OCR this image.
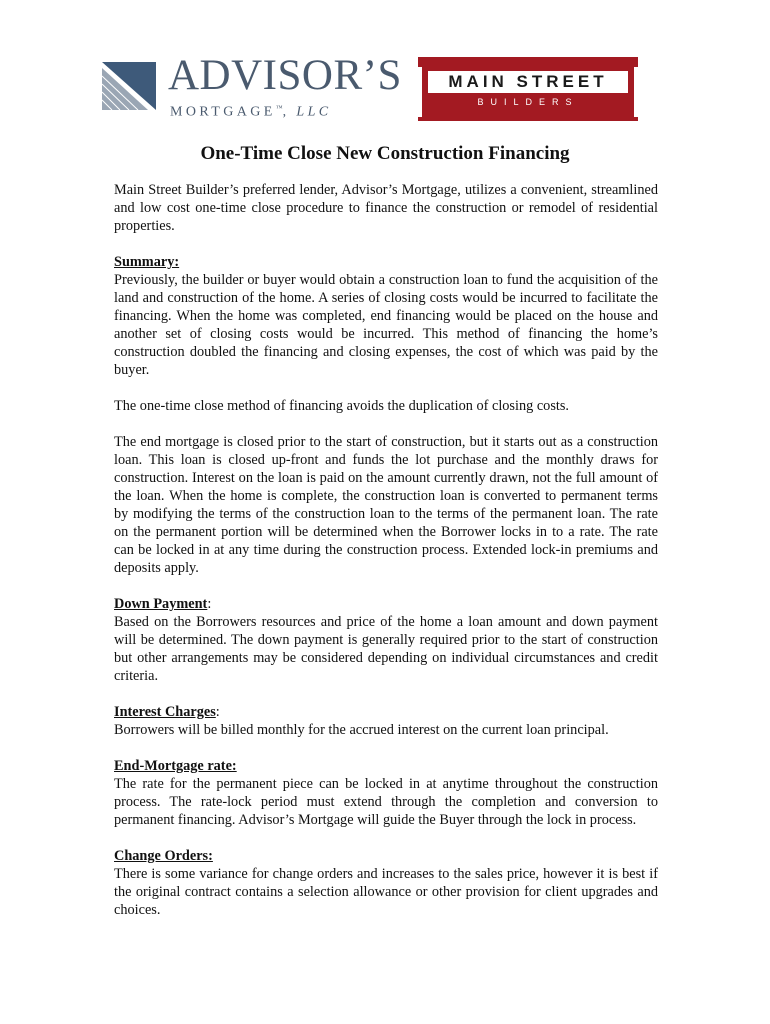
ADVISOR’S
MORTGAGE™, LLC
MAIN STREET
BUILDERS
One-Time Close New Construction Financing

Main Street Builder’s preferred lender, Advisor’s Mortgage, utilizes a convenient, streamlined and low cost one-time close procedure to finance the construction or remodel of residential properties.

Summary:

Previously, the builder or buyer would obtain a construction loan to fund the acquisition of the land and construction of the home. A series of closing costs would be incurred to facilitate the financing. When the home was completed, end financing would be placed on the house and another set of closing costs would be incurred. This method of financing the home’s construction doubled the financing and closing expenses, the cost of which was paid by the buyer.

The one-time close method of financing avoids the duplication of closing costs.

The end mortgage is closed prior to the start of construction, but it starts out as a construction loan. This loan is closed up-front and funds the lot purchase and the monthly draws for construction. Interest on the loan is paid on the amount currently drawn, not the full amount of the loan. When the home is complete, the construction loan is converted to permanent terms by modifying the terms of the construction loan to the terms of the permanent loan. The rate on the permanent portion will be determined when the Borrower locks in to a rate. The rate can be locked in at any time during the construction process. Extended lock-in premiums and deposits apply.

Down Payment:

Based on the Borrowers resources and price of the home a loan amount and down payment will be determined. The down payment is generally required prior to the start of construction but other arrangements may be considered depending on individual circumstances and credit criteria.

Interest Charges:

Borrowers will be billed monthly for the accrued interest on the current loan principal.

End-Mortgage rate:

The rate for the permanent piece can be locked in at anytime throughout the construction process. The rate-lock period must extend through the completion and conversion to permanent financing. Advisor’s Mortgage will guide the Buyer through the lock in process.

Change Orders:

There is some variance for change orders and increases to the sales price, however it is best if the original contract contains a selection allowance or other provision for client upgrades and choices.
